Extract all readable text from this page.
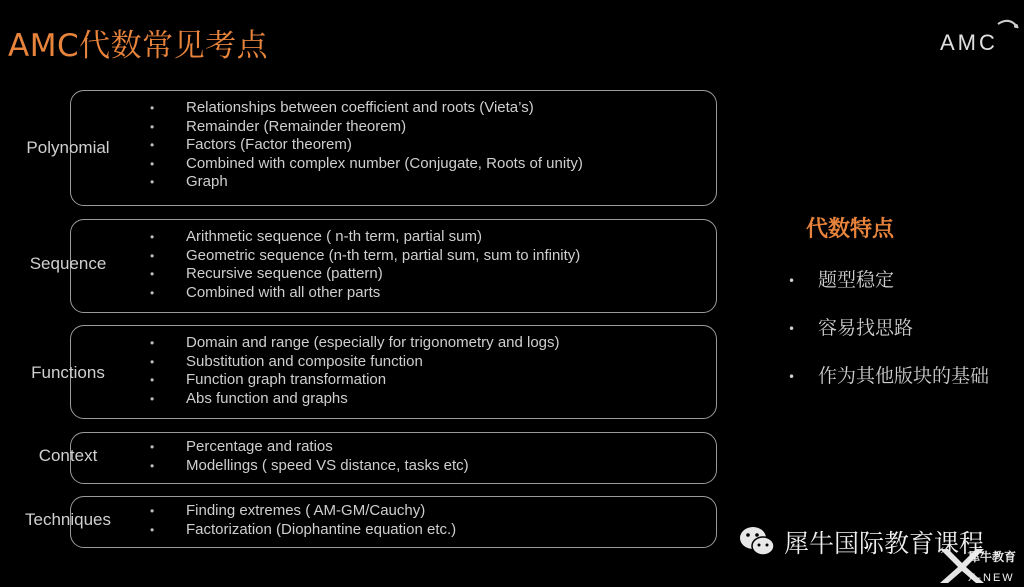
AMC代数常见考点	AMC
Polynomial
• Relationships between coefficient and roots (Vieta’s)
• Remainder (Remainder theorem)
• Factors (Factor theorem)
• Combined with complex number (Conjugate, Roots of unity)
• Graph
Sequence
• Arithmetic sequence ( n-th term, partial sum)
• Geometric sequence (n-th term, partial sum, sum to infinity)
• Recursive sequence (pattern)
• Combined with all other parts
Functions
• Domain and range (especially for trigonometry and logs)
• Substitution and composite function
• Function graph transformation
• Abs function and graphs
Context	• Percentage and ratios
• Modellings ( speed VS distance, tasks etc)
Techniques	• Finding extremes ( AM-GM/Cauchy)
• Factorization (Diophantine equation etc.)
代数特点
• 题型稳定
• 容易找思路
• 作为其他版块的基础
犀牛国际教育课程
犀牛教育
X-NEW
